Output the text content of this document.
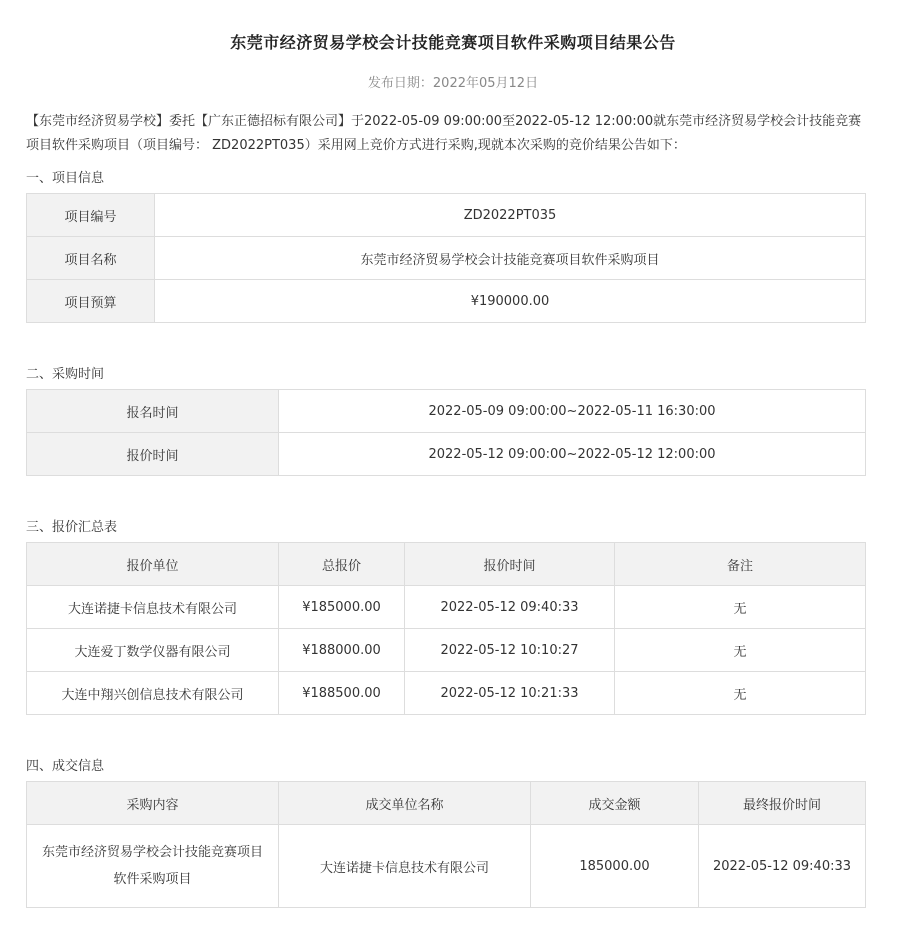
东莞市经济贸易学校会计技能竞赛项目软件采购项目结果公告
发布日期：2022年05月12日
【东莞市经济贸易学校】委托【广东正德招标有限公司】于2022-05-09 09:00:00至2022-05-12 12:00:00就东莞市经济贸易学校会计技能竞赛项目软件采购项目（项目编号： ZD2022PT035）采用网上竞价方式进行采购,现就本次采购的竞价结果公告如下：
一、项目信息
项目编号	ZD2022PT035
项目名称	东莞市经济贸易学校会计技能竞赛项目软件采购项目
项目预算	¥190000.00
二、采购时间
报名时间	2022-05-09 09:00:00~2022-05-11 16:30:00
报价时间	2022-05-12 09:00:00~2022-05-12 12:00:00
三、报价汇总表
报价单位	总报价	报价时间	备注
大连诺捷卡信息技术有限公司	¥185000.00	2022-05-12 09:40:33	无
大连爱丁数学仪器有限公司	¥188000.00	2022-05-12 10:10:27	无
大连中翔兴创信息技术有限公司	¥188500.00	2022-05-12 10:21:33	无
四、成交信息
采购内容	成交单位名称	成交金额	最终报价时间

东莞市经济贸易学校会计技能竞赛项目
软件采购项目	大连诺捷卡信息技术有限公司	185000.00	2022-05-12 09:40:33
